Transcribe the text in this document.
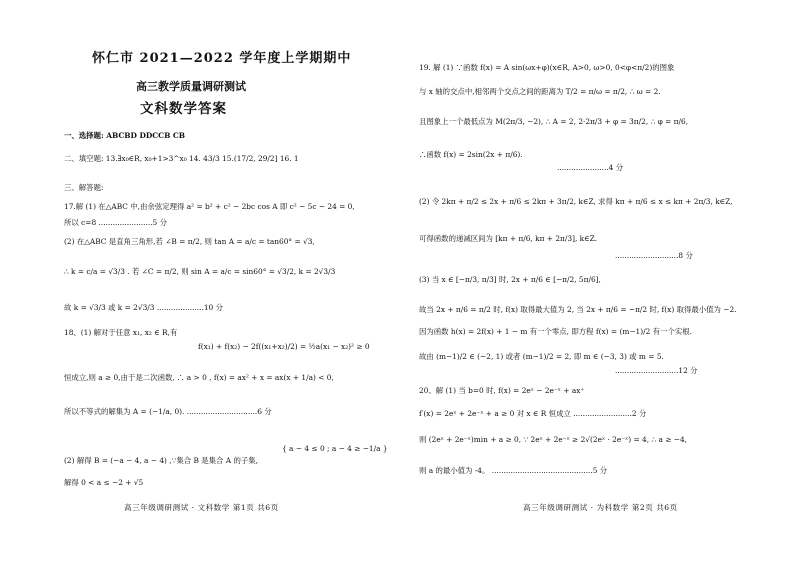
怀仁市 2021—2022 学年度上学期期中
高三教学质量调研测试
文科数学答案
一、选择题: ABCBD DDCCB CB
二、填空题: 13.∃x₀∈R, x₀+1>3^x₀ 14. 43/3 15.(17/2, 29/2] 16. 1
三、解答题:
17.解 (1) 在△ABC 中,由余弦定理得 a² = b² + c² − 2bc cos A 即 c² − 5c − 24 = 0,
所以 c=8 .......................5 分
(2) 在△ABC 是直角三角形,若 ∠B = π/2, 则 tan A = a/c = tan60° = √3,
∴ k = c/a = √3/3 . 若 ∠C = π/2, 则 sin A = a/c = sin60° = √3/2, k = 2√3/3
故 k = √3/3 或 k = 2√3/3 ....................10 分
18、(1) 解对于任意 x₁, x₂ ∈ R,有
f(x₁) + f(x₂) − 2f((x₁+x₂)/2) = ½a(x₁ − x₂)² ≥ 0
恒成立,则 a ≥ 0,由于是二次函数, ∴ a > 0 , f(x) = ax² + x = ax(x + 1/a) < 0,
所以不等式的解集为 A = (−1/a, 0). ..............................6 分
{ a − 4 ≤ 0 ; a − 4 ≥ −1/a }
(2) 解得 B = (−a − 4, a − 4) ,∵集合 B 是集合 A 的子集,
解得 0 < a ≤ −2 + √5
高三年级调研测试 · 文科数学 第1页 共6页
19. 解 (1) ∵函数 f(x) = A sin(ωx+φ)(x∈R, A>0, ω>0, 0<φ<π/2)的图象
与 x 轴的交点中,相邻两个交点之间的距离为 T/2 = π/ω = π/2, ∴ ω = 2.
且图象上一个最低点为 M(2π/3, −2), ∴ A = 2, 2·2π/3 + φ = 3π/2, ∴ φ = π/6,
∴函数 f(x) = 2sin(2x + π/6).
......................4 分
(2) 令 2kπ + π/2 ≤ 2x + π/6 ≤ 2kπ + 3π/2, k∈Z, 求得 kπ + π/6 ≤ x ≤ kπ + 2π/3, k∈Z,
可得函数的递减区间为 [kπ + π/6, kπ + 2π/3], k∈Z.
...........................8 分
(3) 当 x ∈ [−π/3, π/3] 时, 2x + π/6 ∈ [−π/2, 5π/6],
故当 2x + π/6 = π/2 时, f(x) 取得最大值为 2, 当 2x + π/6 = −π/2 时, f(x) 取得最小值为 −2.
因为函数 h(x) = 2f(x) + 1 − m 有一个零点, 即方程 f(x) = (m−1)/2 有一个实根.
故由 (m−1)/2 ∈ (−2, 1) 或者 (m−1)/2 = 2, 即 m ∈ (−3, 3) 或 m = 5.
...........................12 分
20、解 (1) 当 b=0 时, f(x) = 2eˣ − 2e⁻ˣ + ax⁺
f′(x) = 2eˣ + 2e⁻ˣ + a ≥ 0 对 x ∈ R 恒成立 .........................2 分
则 (2eˣ + 2e⁻ˣ)min + a ≥ 0, ∵ 2eˣ + 2e⁻ˣ ≥ 2√(2eˣ · 2e⁻ˣ) = 4, ∴ a ≥ −4,
则 a 的最小值为 -4。 ...........................................5 分
高三年级调研测试 · 为科数学 第2页 共6页
